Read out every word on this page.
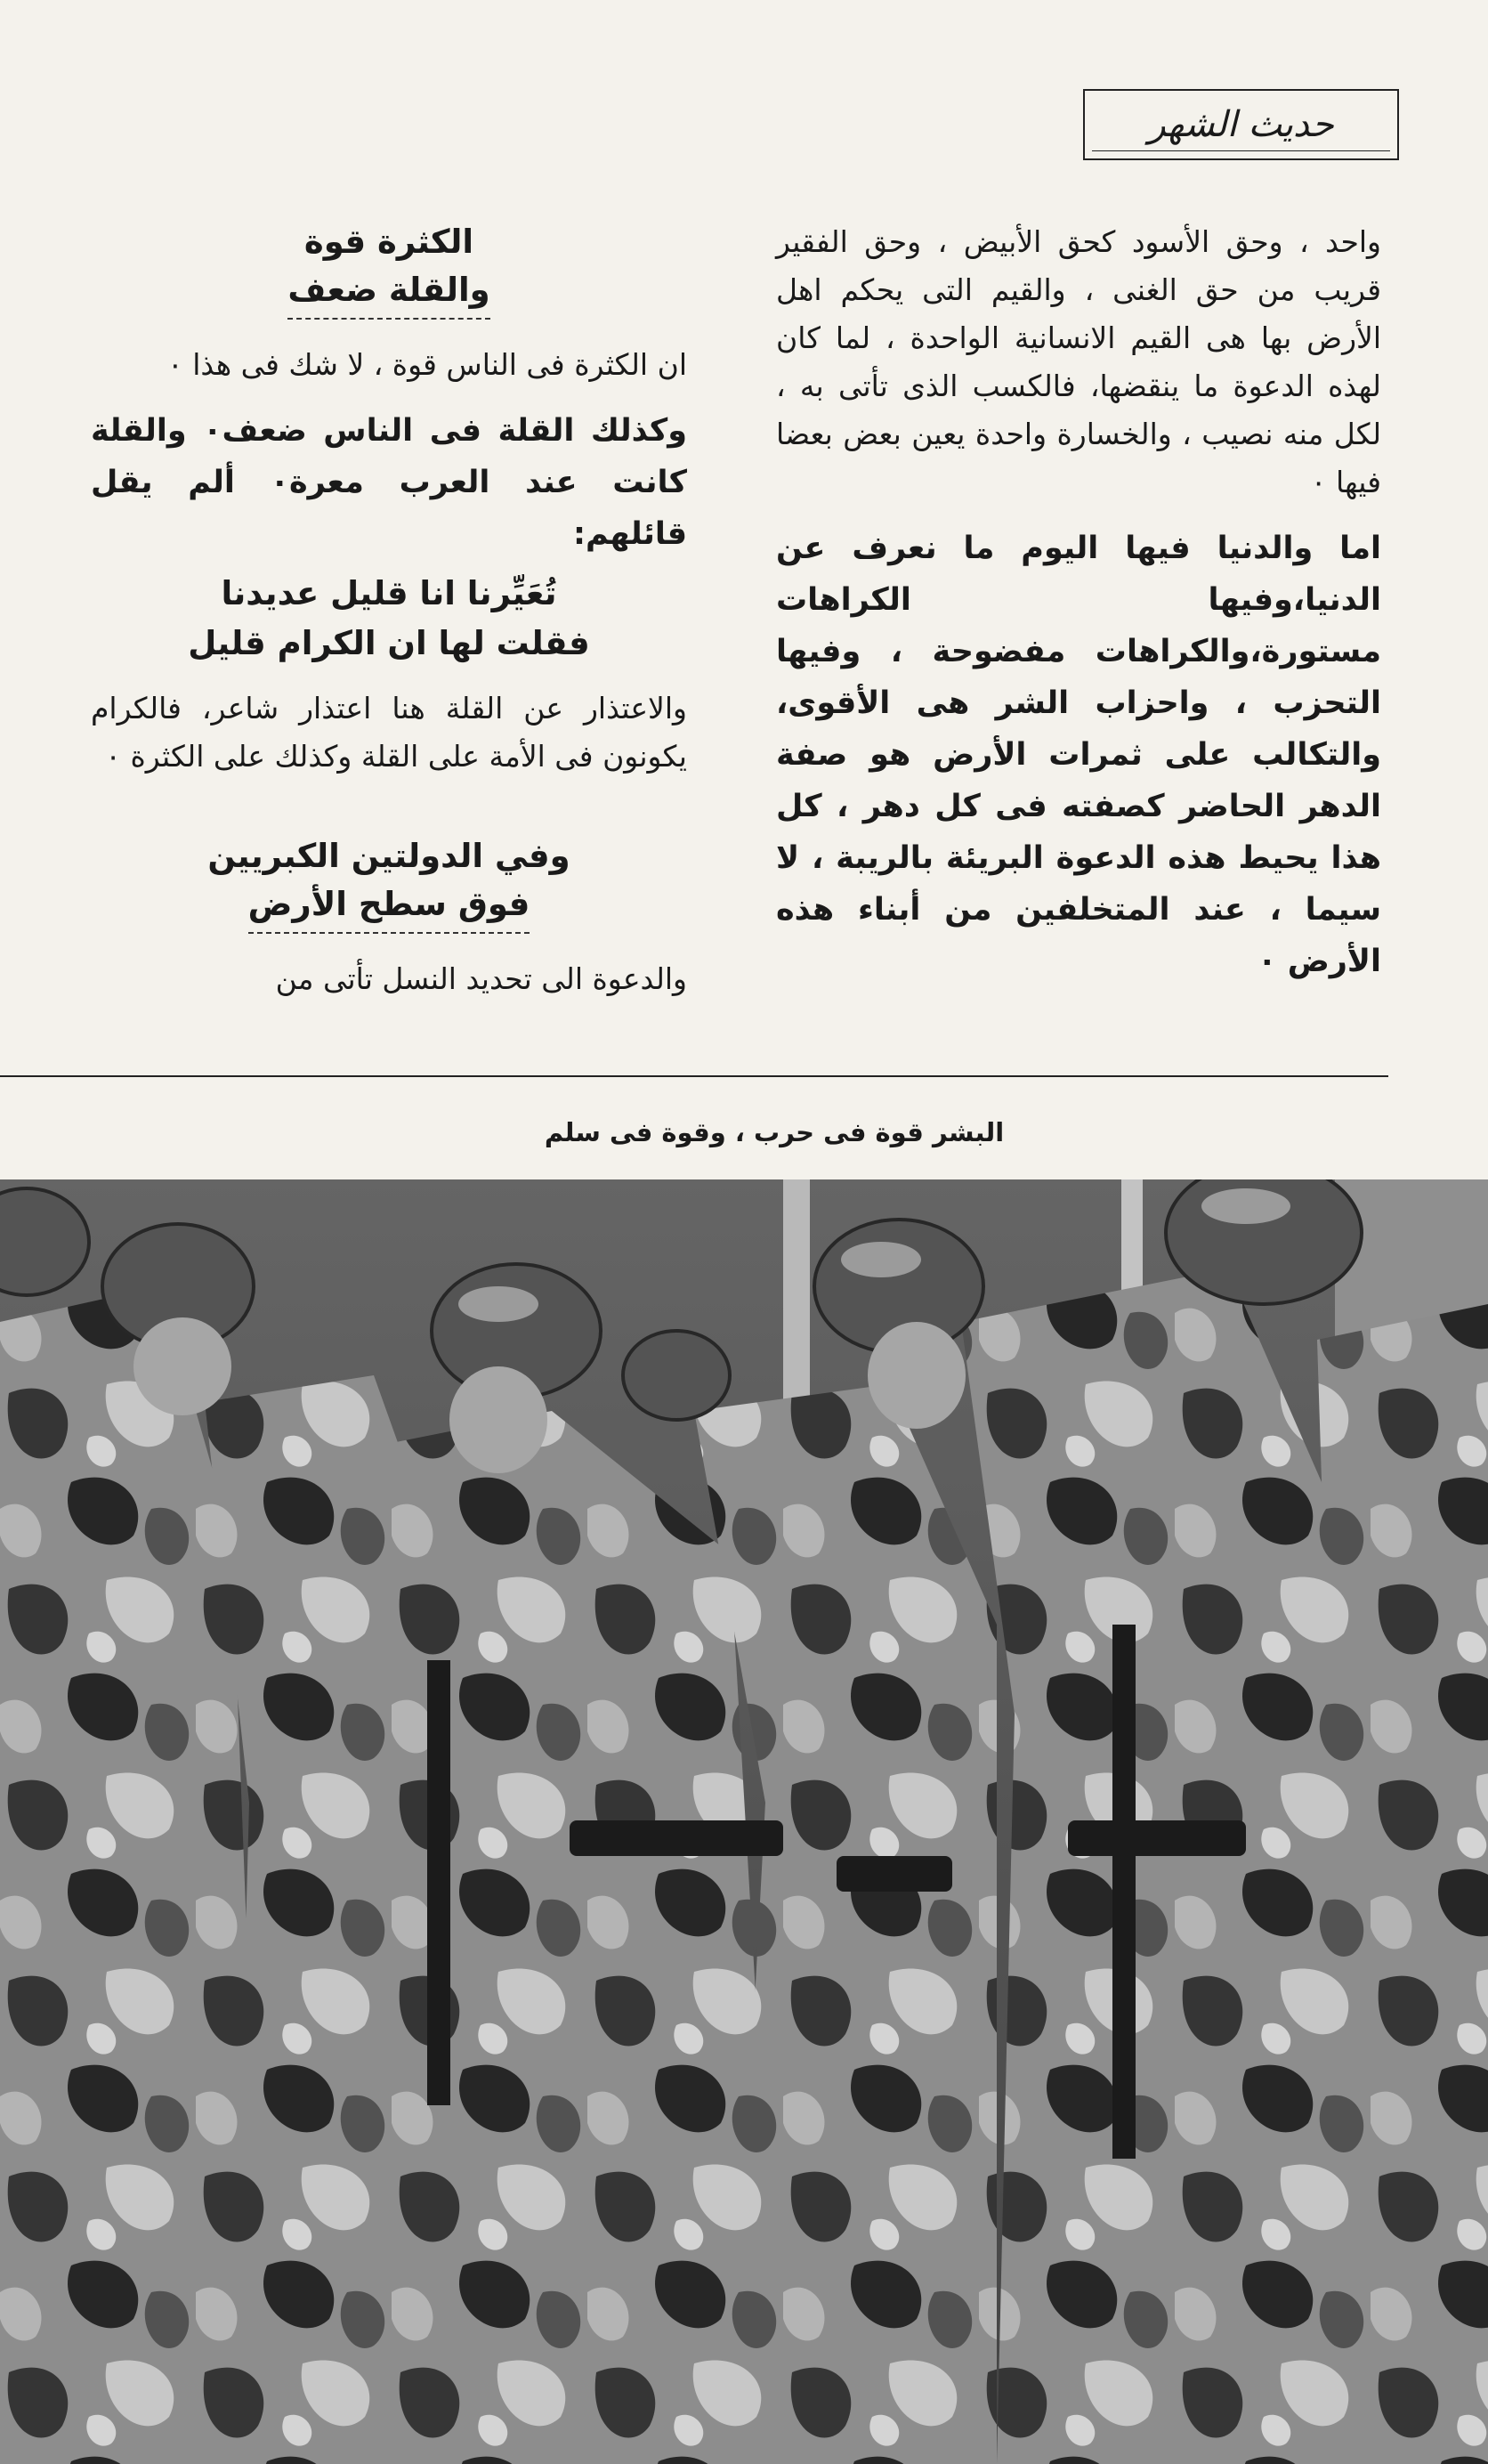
حديث الشهر

واحد ، وحق الأسود كحق الأبيض ، وحق الفقير قريب من حق الغنى ، والقيم التى يحكم اهل الأرض بها هى القيم الانسانية الواحدة ، لما كان لهذه الدعوة ما ينقضها، فالكسب الذى تأتى به ، لكل منه نصيب ، والخسارة واحدة يعين بعض بعضا فيها ٠

اما والدنيا فيها اليوم ما نعرف عن الدنيا،وفيها الكراهات مستورة،والكراهات مفضوحة ، وفيها التحزب ، واحزاب الشر هى الأقوى، والتكالب على ثمرات الأرض هو صفة الدهر الحاضر كصفته فى كل دهر ، كل هذا يحيط هذه الدعوة البريئة بالريبة ، لا سيما ، عند المتخلفين من أبناء هذه الأرض ٠

الكثرة قوة
والقلة ضعف

ان الكثرة فى الناس قوة ، لا شك فى هذا ٠

وكذلك القلة فى الناس ضعف٠ والقلة كانت عند العرب معرة٠ ألم يقل قائلهم:

تُعَيِّرنا انا قليل عديدنا
فقلت لها ان الكرام قليل

والاعتذار عن القلة هنا اعتذار شاعر، فالكرام يكونون فى الأمة على القلة وكذلك على الكثرة ٠

وفي الدولتين الكبريين
فوق سطح الأرض

والدعوة الى تحديد النسل تأتى من

البشر قوة فى حرب ، وقوة فى سلم
